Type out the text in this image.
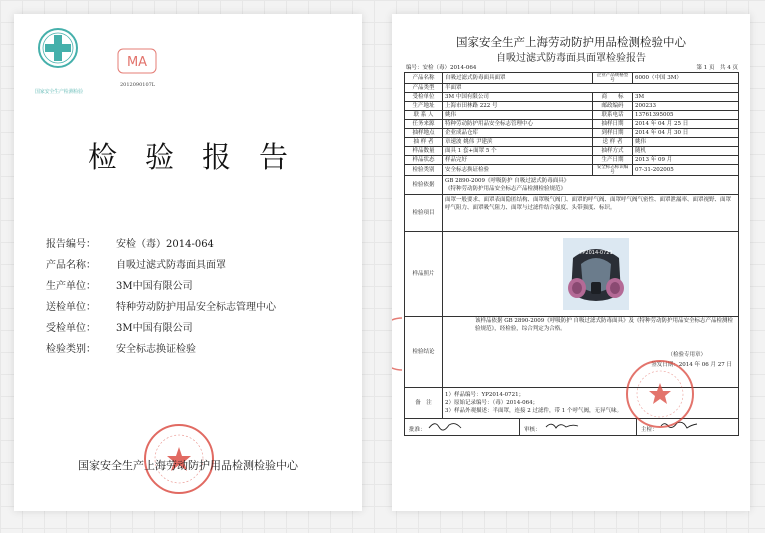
国家安全生产检测检验
MA
2012090107L
检验报告
报告编号： 安检（毒）2014-064
产品名称： 自吸过滤式防毒面具面罩
生产单位： 3M中国有限公司
送检单位： 特种劳动防护用品安全标志管理中心
受检单位： 3M中国有限公司
检验类别： 安全标志换证检验
国家安全生产上海劳动防护用品检测检验中心
国家安全生产上海劳动防护用品检测检验中心
自吸过滤式防毒面具面罩检验报告
编号：安检（毒）2014-064	第 1 页　共 4 页
产品名称	自吸过滤式防毒面具面罩	企业产品规格型号	6000（中国 3M）
产品类型	半面罩		
受检单位	3M 中国有限公司	商　　标	3M
生产地址	上海市田林路 222 号	邮政编码	200233
联 系 人	姚伟	联系电话	13761395005
任务来源	特种劳动防护用品安全标志管理中心	抽样日期	2014 年 04 月 25 日
抽样地点	企业成品仓库	到样日期	2014 年 04 月 30 日
抽 样 者	章速波 姚伟 尹建滨	送 样 者	姚伟
样品数量	面具 1 套+面罩 5 个	抽样方式	随机
样品状态	样品完好	生产日期	2013 年 09 月
检验类别	安全标志换证检验	安全标志标识编号	07-31-202005
检验依据	GB 2890-2009《呼吸防护 自吸过滤式防毒面具》
《特种劳动防护用品安全标志产品检测检验规范》		
检验项目	面罩一般要求、面罩表面隐匿结构、面罩吸气阀门、面罩的呼气阀、面罩呼气阀气密性、面罩泄漏率、面罩视野、面罩呼气阻力、面罩吸气阻力、面罩与过滤件结合强度、头带强度、标识。		
样品照片	YP2014-0721		

检验结论	该样品依据 GB 2890-2009《呼吸防护 自吸过滤式防毒面具》及《特种劳动防护用品安全标志产品检测检验规范》，经检验，综合判定为合格。

（检验专用章）
签发日期：2014 年 06 月 27 日		

备　注	1）样品编号：YP2014-0721；
2）原始记录编号：（毒）2014-064；
3）样品外观描述：半面罩，连接 2 过滤件，带 1 个呼气阀，无异气味。		

批准： 审核： 主检：			
